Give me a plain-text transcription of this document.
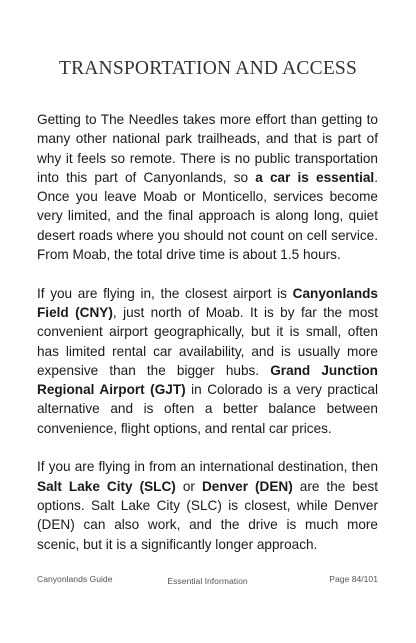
TRANSPORTATION AND ACCESS

Getting to The Needles takes more effort than getting to many other national park trailheads, and that is part of why it feels so remote. There is no public transportation into this part of Canyonlands, so a car is essential. Once you leave Moab or Monticello, services become very limited, and the final approach is along long, quiet desert roads where you should not count on cell service. From Moab, the total drive time is about 1.5 hours.

If you are flying in, the closest airport is Canyonlands Field (CNY), just north of Moab. It is by far the most convenient airport geographically, but it is small, often has limited rental car availability, and is usually more expensive than the bigger hubs. Grand Junction Regional Airport (GJT) in Colorado is a very practical alternative and is often a better balance between convenience, flight options, and rental car prices.

If you are flying in from an international destination, then Salt Lake City (SLC) or Denver (DEN) are the best options. Salt Lake City (SLC) is closest, while Denver (DEN) can also work, and the drive is much more scenic, but it is a significantly longer approach.

Canyonlands Guide	Essential Information	Page 84/101
